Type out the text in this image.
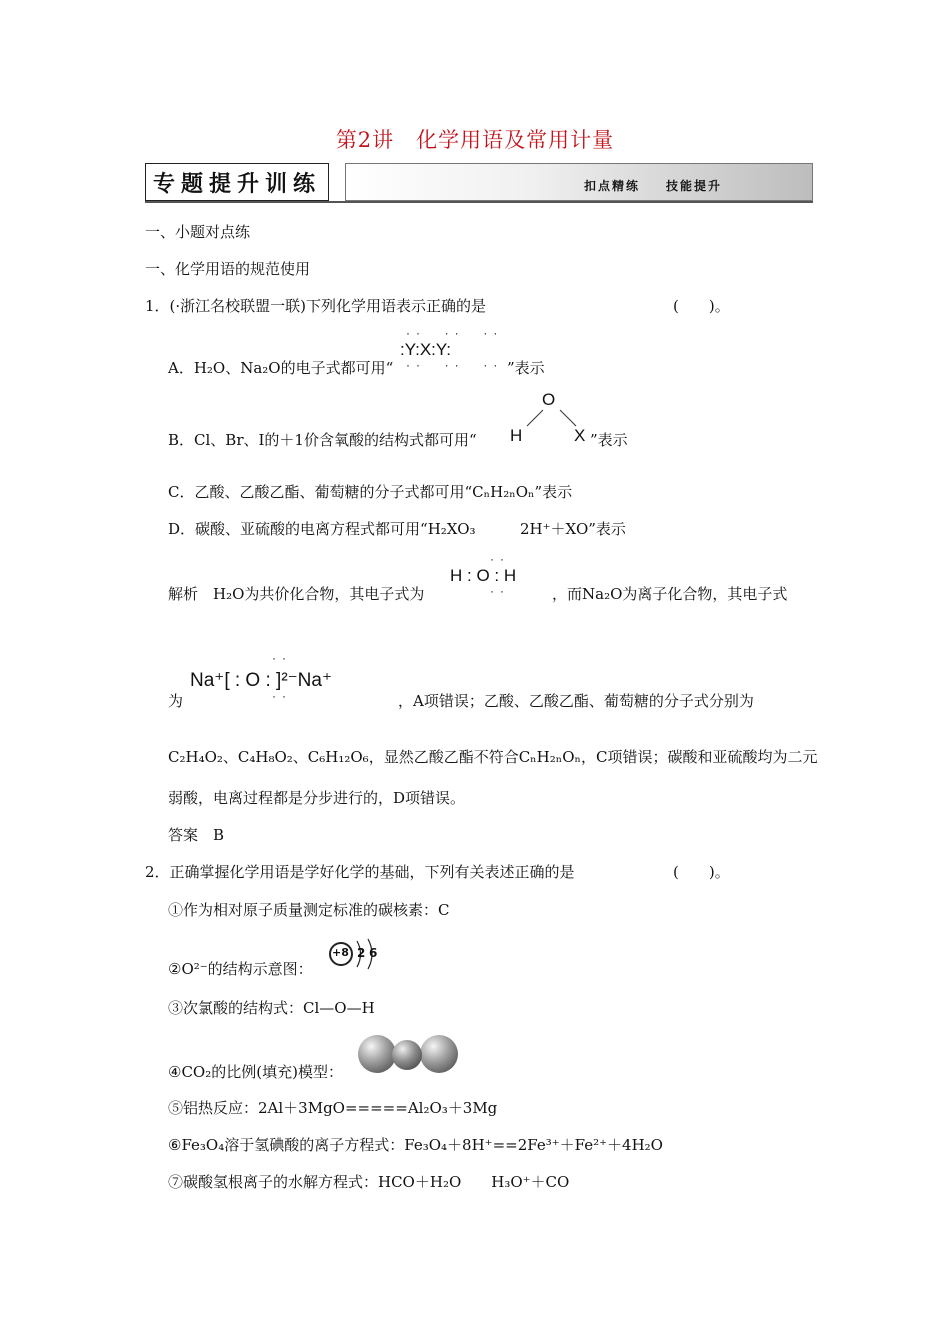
第2讲　化学用语及常用计量
专题提升训练	扣点精练 技能提升
一、小题对点练
一、化学用语的规范使用
1．(·浙江名校联盟一联)下列化学用语表示正确的是	(　　)。
A．H₂O、Na₂O的电子式都可用“
··  ··  ··
:Y:X:Y:
··  ··  ·· ”表示
B．Cl、Br、I的＋1价含氧酸的结构式都可用“
O
H	X ”表示
C．乙酸、乙酸乙酯、葡萄糖的分子式都可用“CₙH₂ₙOₙ”表示
D．碳酸、亚硫酸的电离方程式都可用“H₂XO₃	2H⁺＋XO”表示
解析　H₂O为共价化合物，其电子式为
··
H : O : H
··	，而Na₂O为离子化合物，其电子式
为
··
Na⁺[ : O : ]²⁻Na⁺
··	，A项错误；乙酸、乙酸乙酯、葡萄糖的分子式分别为
C₂H₄O₂、C₄H₈O₂、C₆H₁₂O₆，显然乙酸乙酯不符合CₙH₂ₙOₙ，C项错误；碳酸和亚硫酸均为二元
弱酸，电离过程都是分步进行的，D项错误。
答案　B
2．正确掌握化学用语是学好化学的基础，下列有关表述正确的是	(　　)。
①作为相对原子质量测定标准的碳核素：C
②O²⁻的结构示意图：
+8 2 6
③次氯酸的结构式：Cl—O—H
④CO₂的比例(填充)模型：
⑤铝热反应：2Al＋3MgO=====Al₂O₃＋3Mg
⑥Fe₃O₄溶于氢碘酸的离子方程式：Fe₃O₄＋8H⁺==2Fe³⁺＋Fe²⁺＋4H₂O
⑦碳酸氢根离子的水解方程式：HCO＋H₂O　　H₃O⁺＋CO
